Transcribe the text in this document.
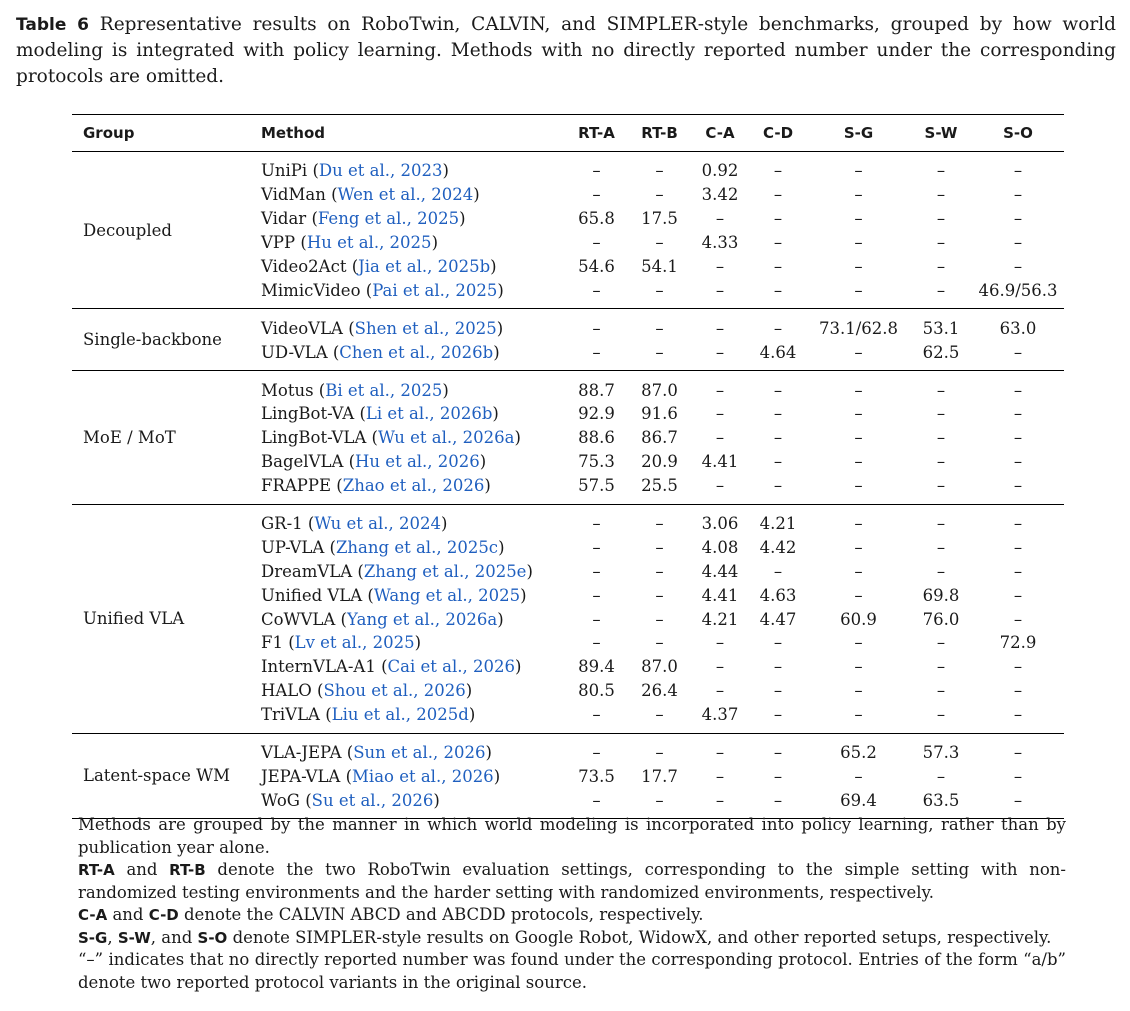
Table 6 Representative results on RoboTwin, CALVIN, and SIMPLER-style benchmarks, grouped by how world modeling is integrated with policy learning. Methods with no directly reported number under the corresponding protocols are omitted.
Group	Method	RT-A	RT-B	C-A	C-D	S-G	S-W	S-O
Decoupled	UniPi (Du et al., 2023)	–	–	0.92	–	–	–	–
	VidMan (Wen et al., 2024)	–	–	3.42	–	–	–	–
	Vidar (Feng et al., 2025)	65.8	17.5	–	–	–	–	–
	VPP (Hu et al., 2025)	–	–	4.33	–	–	–	–
	Video2Act (Jia et al., 2025b)	54.6	54.1	–	–	–	–	–
	MimicVideo (Pai et al., 2025)	–	–	–	–	–	–	46.9/56.3
Single-backbone	VideoVLA (Shen et al., 2025)	–	–	–	–	73.1/62.8	53.1	63.0
	UD-VLA (Chen et al., 2026b)	–	–	–	4.64	–	62.5	–
MoE / MoT	Motus (Bi et al., 2025)	88.7	87.0	–	–	–	–	–
	LingBot-VA (Li et al., 2026b)	92.9	91.6	–	–	–	–	–
	LingBot-VLA (Wu et al., 2026a)	88.6	86.7	–	–	–	–	–
	BagelVLA (Hu et al., 2026)	75.3	20.9	4.41	–	–	–	–
	FRAPPE (Zhao et al., 2026)	57.5	25.5	–	–	–	–	–
Unified VLA	GR-1 (Wu et al., 2024)	–	–	3.06	4.21	–	–	–
	UP-VLA (Zhang et al., 2025c)	–	–	4.08	4.42	–	–	–
	DreamVLA (Zhang et al., 2025e)	–	–	4.44	–	–	–	–
	Unified VLA (Wang et al., 2025)	–	–	4.41	4.63	–	69.8	–
	CoWVLA (Yang et al., 2026a)	–	–	4.21	4.47	60.9	76.0	–
	F1 (Lv et al., 2025)	–	–	–	–	–	–	72.9
	InternVLA-A1 (Cai et al., 2026)	89.4	87.0	–	–	–	–	–
	HALO (Shou et al., 2026)	80.5	26.4	–	–	–	–	–
	TriVLA (Liu et al., 2025d)	–	–	4.37	–	–	–	–
Latent-space WM	VLA-JEPA (Sun et al., 2026)	–	–	–	–	65.2	57.3	–
	JEPA-VLA (Miao et al., 2026)	73.5	17.7	–	–	–	–	–
	WoG (Su et al., 2026)	–	–	–	–	69.4	63.5	–

Methods are grouped by the manner in which world modeling is incorporated into policy learning, rather than by publication year alone.

RT-A and RT-B denote the two RoboTwin evaluation settings, corresponding to the simple setting with non-randomized testing environments and the harder setting with randomized environments, respectively.

C-A and C-D denote the CALVIN ABCD and ABCDD protocols, respectively.

S-G, S-W, and S-O denote SIMPLER-style results on Google Robot, WidowX, and other reported setups, respectively.

“–” indicates that no directly reported number was found under the corresponding protocol. Entries of the form “a/b” denote two reported protocol variants in the original source.
